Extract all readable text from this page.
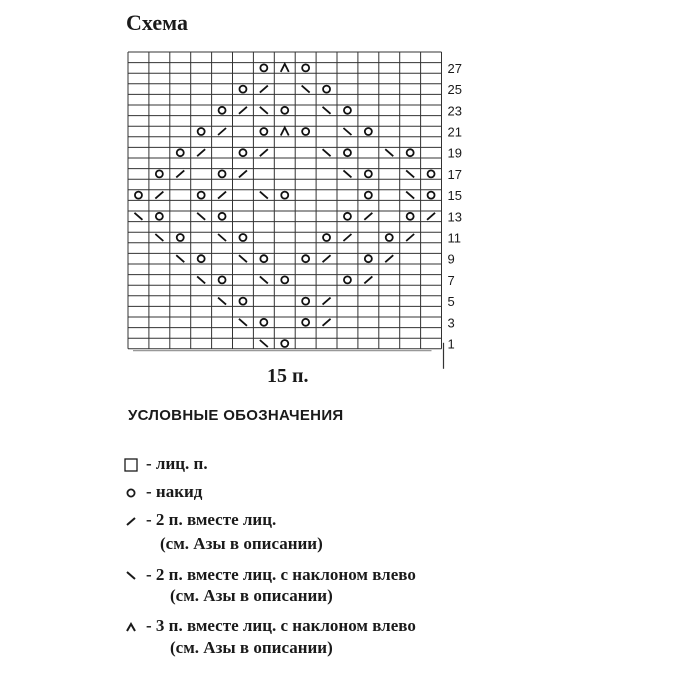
Схема
1
3
5
7
9
11
13
15
17
19
21
23
25
27
15 п.
УСЛОВНЫЕ ОБОЗНАЧЕНИЯ
- лиц. п.
- накид
- 2 п. вместе лиц.
(см. Азы в описании)
- 2 п. вместе лиц. с наклоном влево
(см. Азы в описании)
- 3 п. вместе лиц. с наклоном влево
(см. Азы в описании)
